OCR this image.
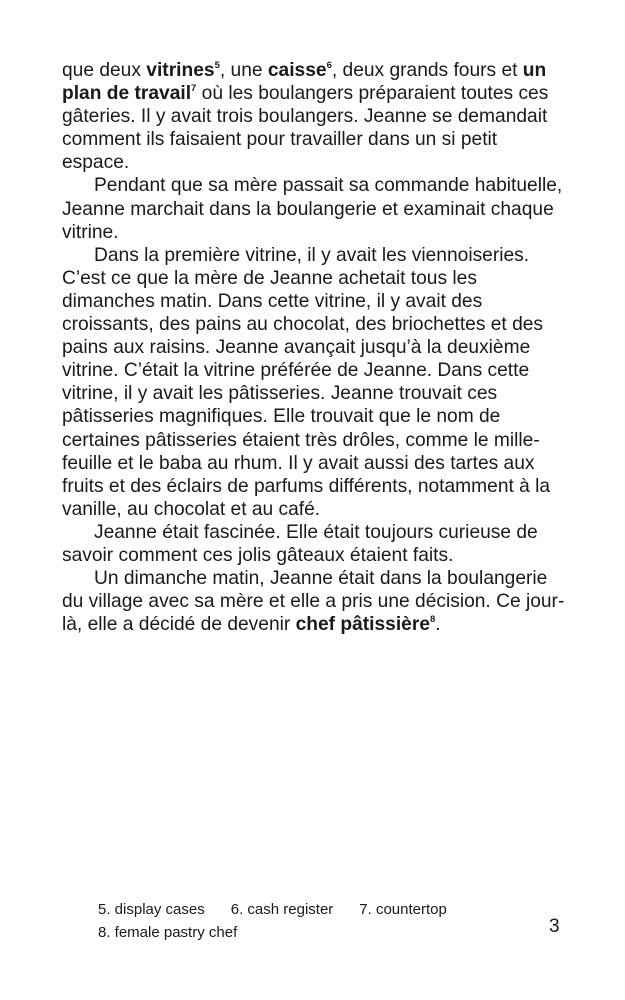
que deux vitrines$^5$, une caisse$^6$, deux grands fours et un plan de travail$^7$ où les boulangers préparaient toutes ces gâteries. Il y avait trois boulangers. Jeanne se demandait comment ils faisaient pour travailler dans un si petit espace.

Pendant que sa mère passait sa commande habituelle, Jeanne marchait dans la boulangerie et examinait chaque vitrine.

Dans la première vitrine, il y avait les viennoiseries. C’est ce que la mère de Jeanne achetait tous les dimanches matin. Dans cette vitrine, il y avait des croissants, des pains au chocolat, des briochettes et des pains aux raisins. Jeanne avançait jusqu’à la deuxième vitrine. C’était la vitrine préférée de Jeanne. Dans cette vitrine, il y avait les pâtisseries. Jeanne trouvait ces pâtisseries magnifiques. Elle trouvait que le nom de certaines pâtisseries étaient très drôles, comme le mille-feuille et le baba au rhum. Il y avait aussi des tartes aux fruits et des éclairs de parfums différents, notamment à la vanille, au chocolat et au café.

Jeanne était fascinée. Elle était toujours curieuse de savoir comment ces jolis gâteaux étaient faits.

Un dimanche matin, Jeanne était dans la boulangerie du village avec sa mère et elle a pris une décision. Ce jour-là, elle a décidé de devenir chef pâtissière$^8$.

5. display cases 6. cash register 7. countertop
8. female pastry chef	3
